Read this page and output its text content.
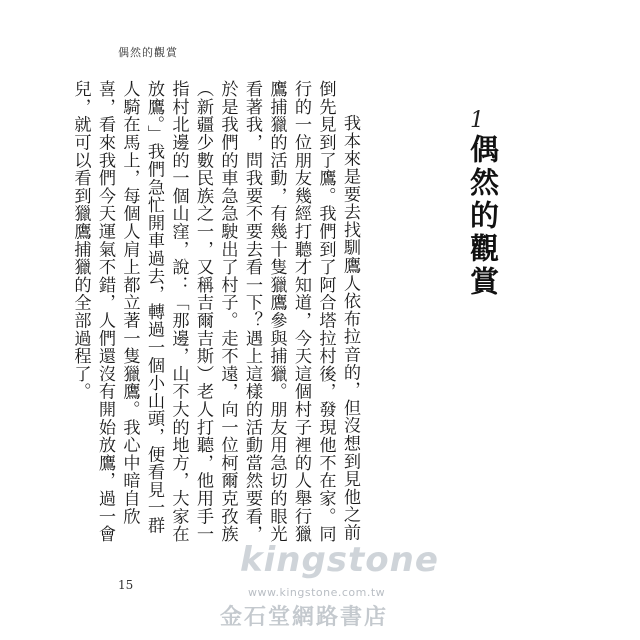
偶然的觀賞
1
偶然的觀賞

我本來是要去找馴鷹人依布拉音的，但沒想到見他之前倒先見到了鷹。我們到了阿合塔拉村後，發現他不在家。同行的一位朋友幾經打聽才知道，今天這個村子裡的人舉行獵鷹捕獵的活動，有幾十隻獵鷹參與捕獵。朋友用急切的眼光看著我，問我要不要去看一下？遇上這樣的活動當然要看，於是我們的車急急駛出了村子。走不遠，向一位柯爾克孜族（新疆少數民族之一，又稱吉爾吉斯）老人打聽，他用手一指村北邊的一個山窪，說：「那邊，山不大的地方，大家在放鷹。」我們急忙開車過去，轉過一個小山頭，便看見一群人騎在馬上，每個人肩上都立著一隻獵鷹。我心中暗自欣喜，看來我們今天運氣不錯，人們還沒有開始放鷹，過一會兒，就可以看到獵鷹捕獵的全部過程了。

15
kingstone
www.kingstone.com.tw
金石堂網路書店
